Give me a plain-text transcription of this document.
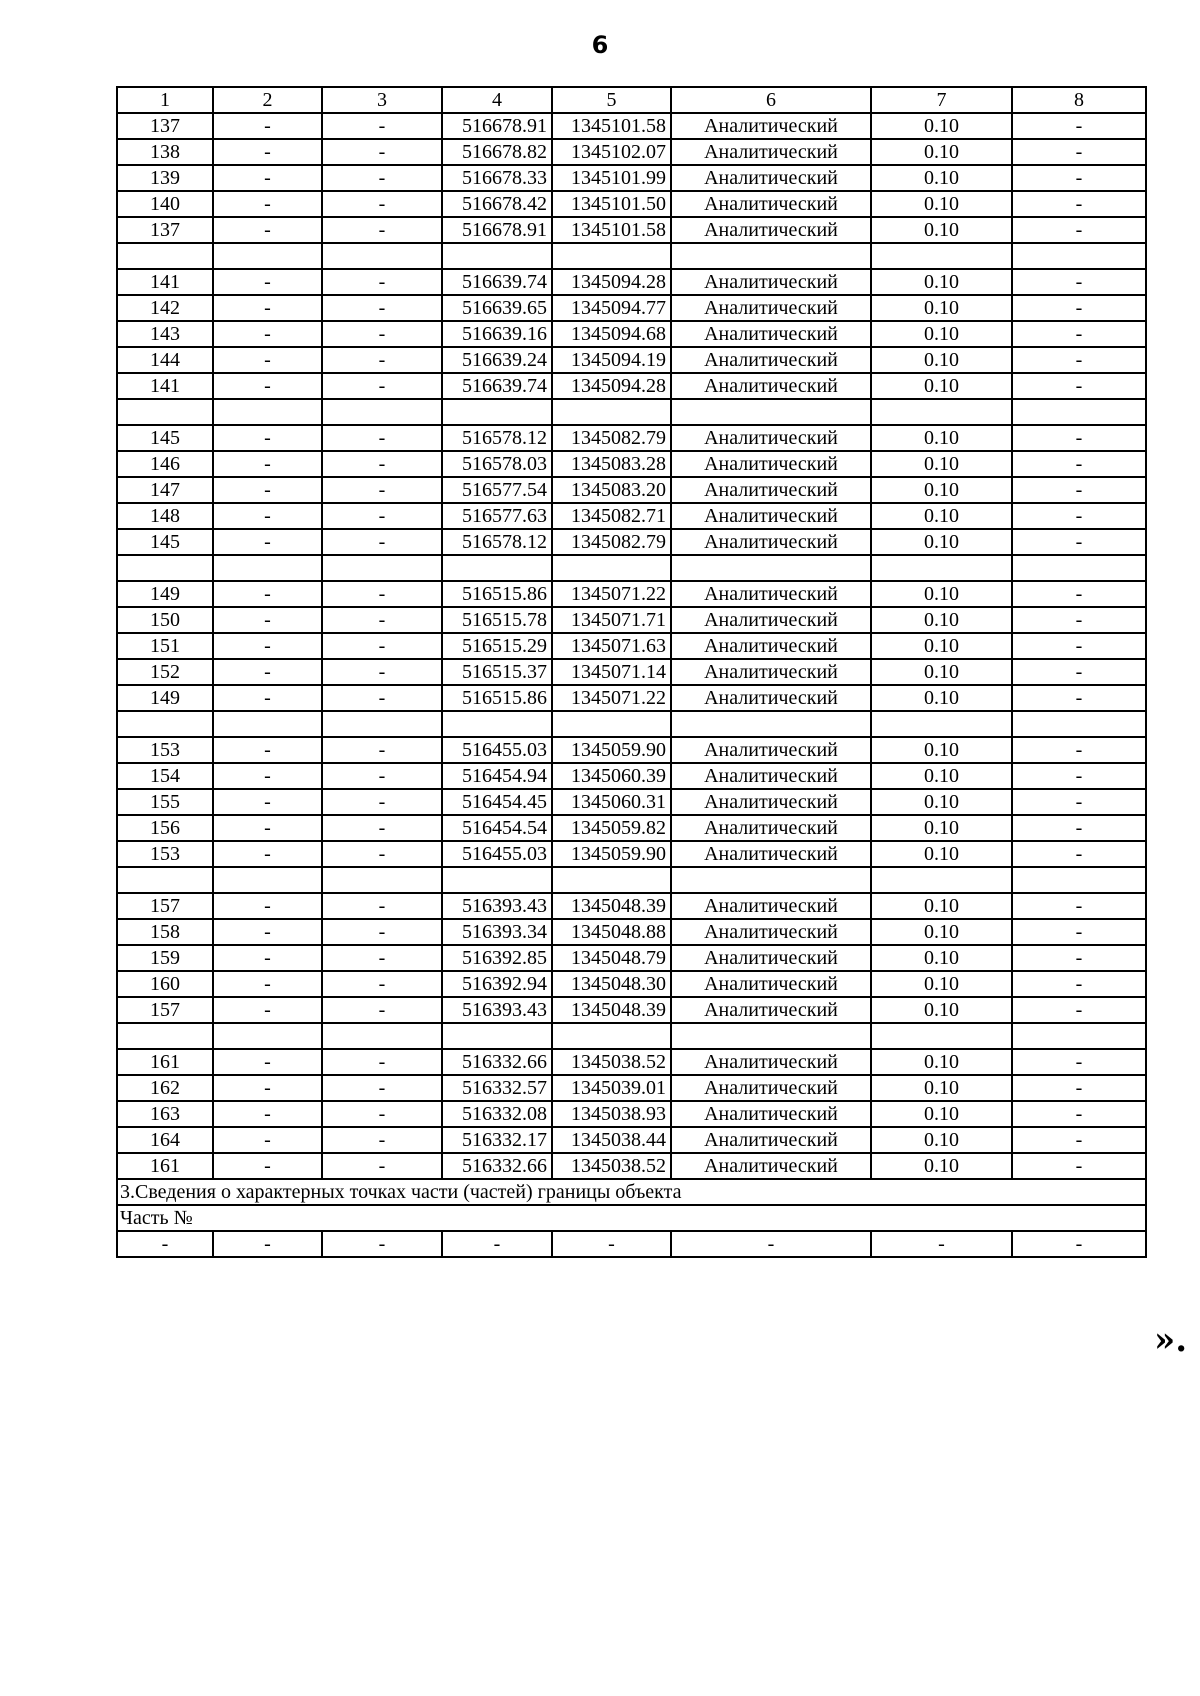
6
1	2	3	4	5	6	7	8
137	-	-	516678.91	1345101.58	Аналитический	0.10	-
138	-	-	516678.82	1345102.07	Аналитический	0.10	-
139	-	-	516678.33	1345101.99	Аналитический	0.10	-
140	-	-	516678.42	1345101.50	Аналитический	0.10	-
137	-	-	516678.91	1345101.58	Аналитический	0.10	-

141	-	-	516639.74	1345094.28	Аналитический	0.10	-
142	-	-	516639.65	1345094.77	Аналитический	0.10	-
143	-	-	516639.16	1345094.68	Аналитический	0.10	-
144	-	-	516639.24	1345094.19	Аналитический	0.10	-
141	-	-	516639.74	1345094.28	Аналитический	0.10	-

145	-	-	516578.12	1345082.79	Аналитический	0.10	-
146	-	-	516578.03	1345083.28	Аналитический	0.10	-
147	-	-	516577.54	1345083.20	Аналитический	0.10	-
148	-	-	516577.63	1345082.71	Аналитический	0.10	-
145	-	-	516578.12	1345082.79	Аналитический	0.10	-

149	-	-	516515.86	1345071.22	Аналитический	0.10	-
150	-	-	516515.78	1345071.71	Аналитический	0.10	-
151	-	-	516515.29	1345071.63	Аналитический	0.10	-
152	-	-	516515.37	1345071.14	Аналитический	0.10	-
149	-	-	516515.86	1345071.22	Аналитический	0.10	-

153	-	-	516455.03	1345059.90	Аналитический	0.10	-
154	-	-	516454.94	1345060.39	Аналитический	0.10	-
155	-	-	516454.45	1345060.31	Аналитический	0.10	-
156	-	-	516454.54	1345059.82	Аналитический	0.10	-
153	-	-	516455.03	1345059.90	Аналитический	0.10	-

157	-	-	516393.43	1345048.39	Аналитический	0.10	-
158	-	-	516393.34	1345048.88	Аналитический	0.10	-
159	-	-	516392.85	1345048.79	Аналитический	0.10	-
160	-	-	516392.94	1345048.30	Аналитический	0.10	-
157	-	-	516393.43	1345048.39	Аналитический	0.10	-

161	-	-	516332.66	1345038.52	Аналитический	0.10	-
162	-	-	516332.57	1345039.01	Аналитический	0.10	-
163	-	-	516332.08	1345038.93	Аналитический	0.10	-
164	-	-	516332.17	1345038.44	Аналитический	0.10	-
161	-	-	516332.66	1345038.52	Аналитический	0.10	-
3.Сведения о характерных точках части (частей) границы объекта							
Часть №							
-	-	-	-	-	-	-	-
».
